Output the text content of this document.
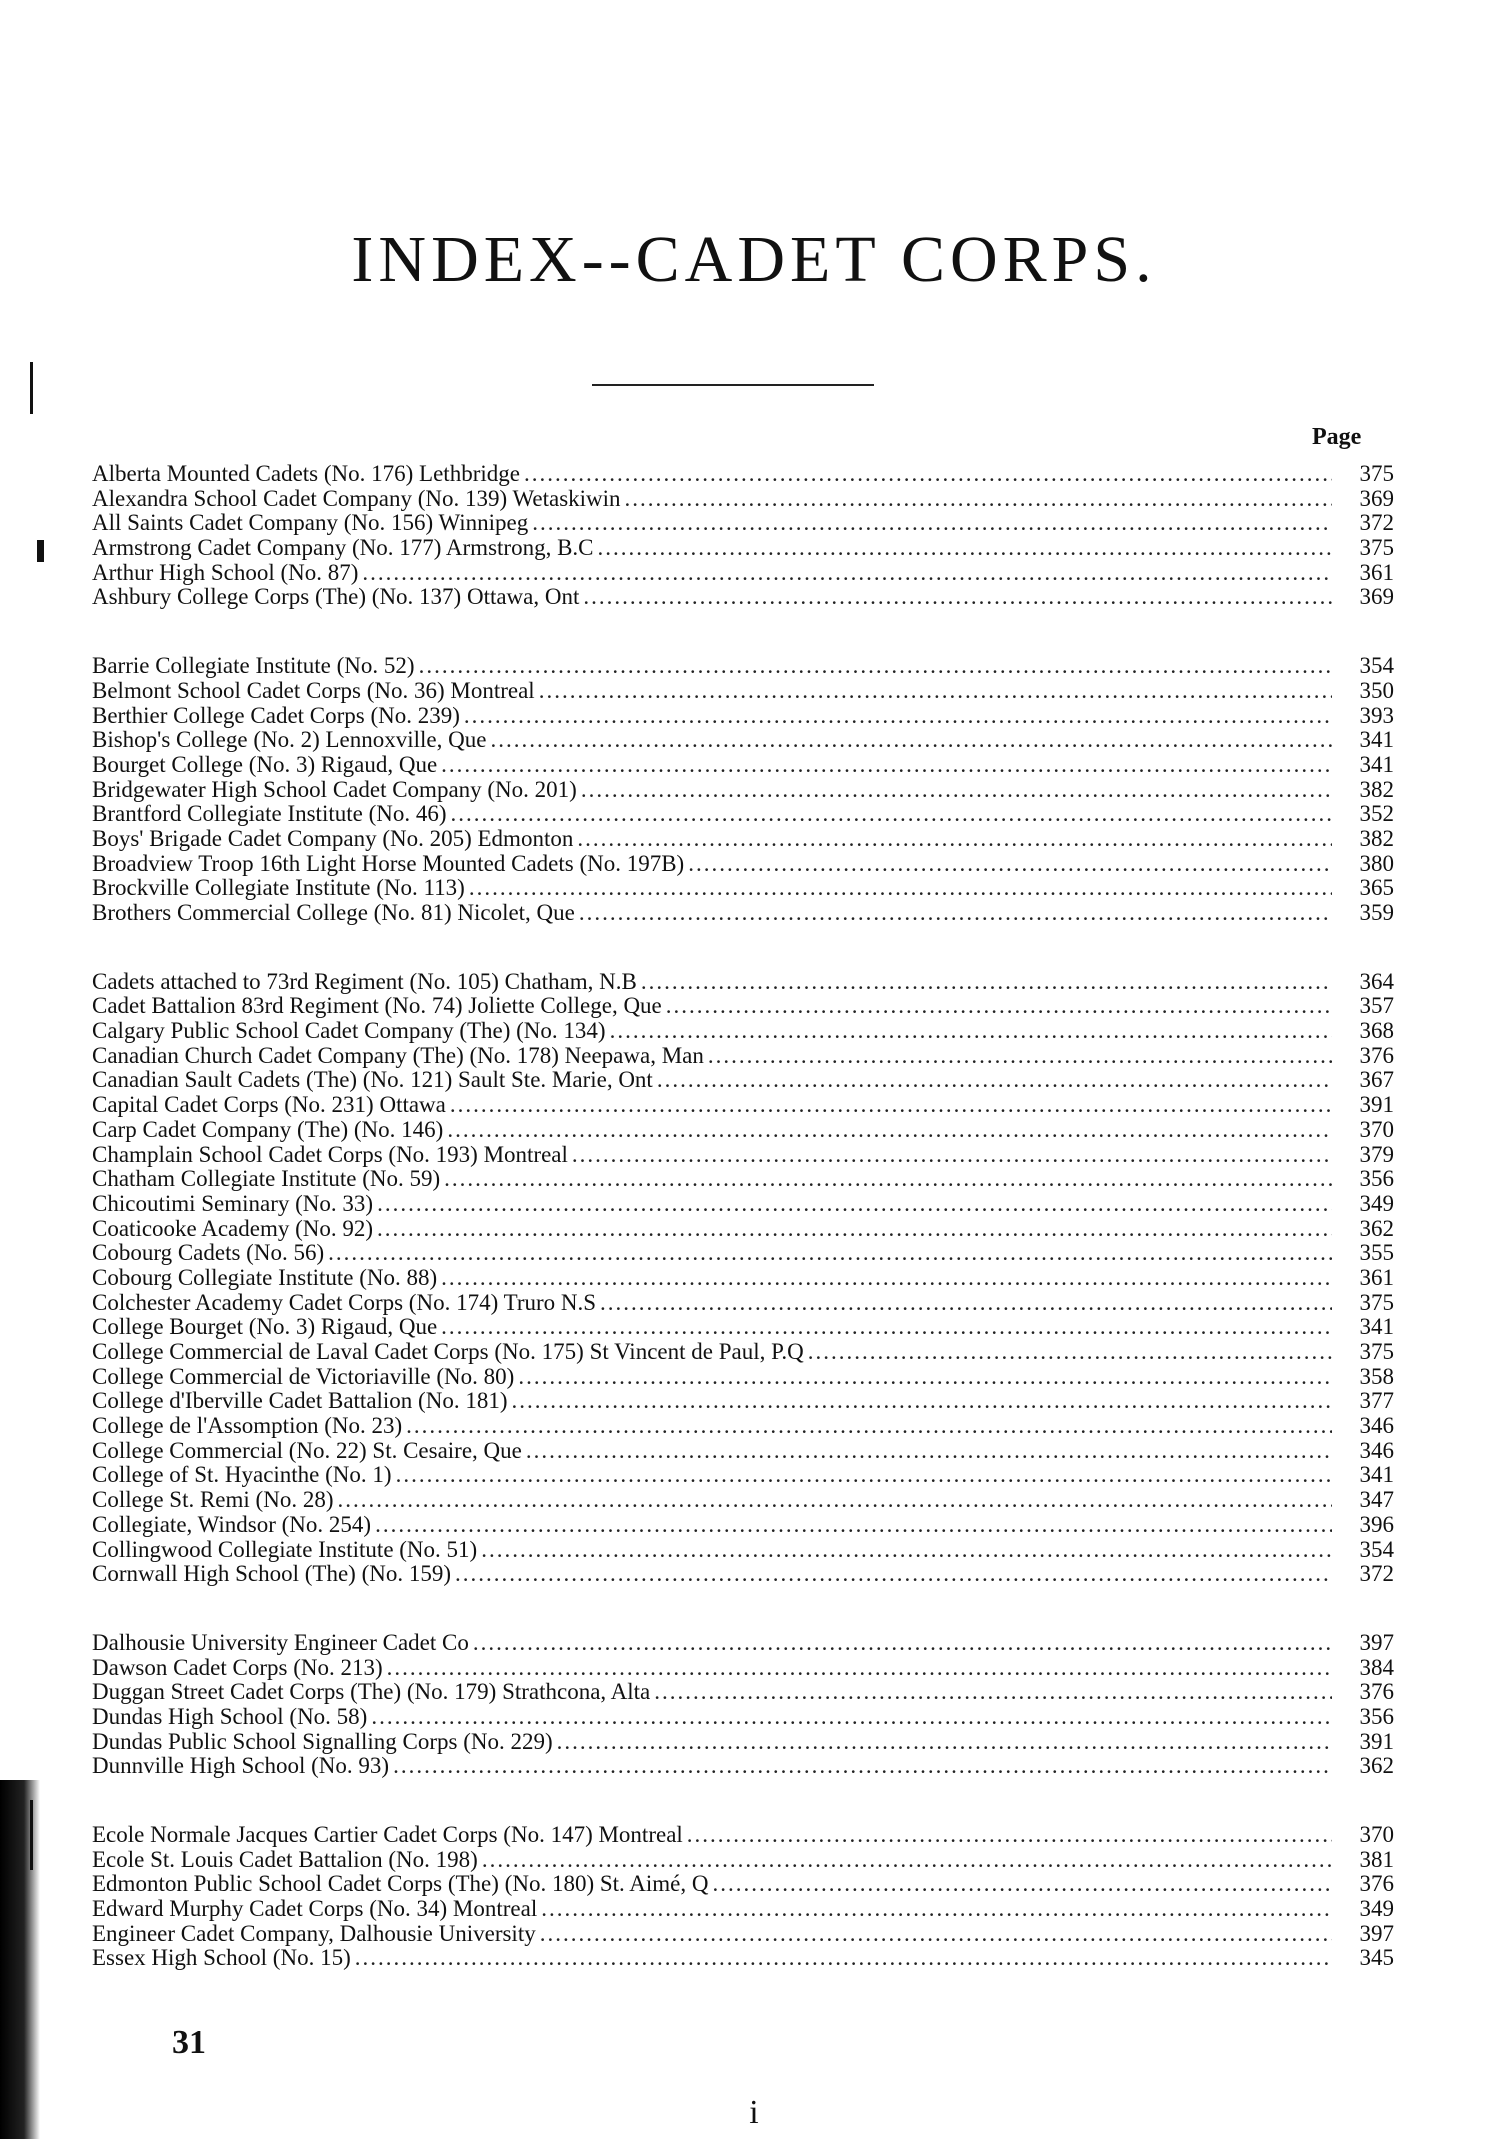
INDEX--CADET CORPS.
Page
Alberta Mounted Cadets (No. 176) Lethbridge .....	375
Alexandra School Cadet Company (No. 139) Wetaskiwin .....	369
All Saints Cadet Company (No. 156) Winnipeg .....	372
Armstrong Cadet Company (No. 177) Armstrong, B.C .....	375
Arthur High School (No. 87) .....	361
Ashbury College Corps (The) (No. 137) Ottawa, Ont .....	369
Barrie Collegiate Institute (No. 52) .....	354
Belmont School Cadet Corps (No. 36) Montreal .....	350
Berthier College Cadet Corps (No. 239) .....	393
Bishop's College (No. 2) Lennoxville, Que .....	341
Bourget College (No. 3) Rigaud, Que .....	341
Bridgewater High School Cadet Company (No. 201) .....	382
Brantford Collegiate Institute (No. 46) .....	352
Boys' Brigade Cadet Company (No. 205) Edmonton .....	382
Broadview Troop 16th Light Horse Mounted Cadets (No. 197B) .....	380
Brockville Collegiate Institute (No. 113) .....	365
Brothers Commercial College (No. 81) Nicolet, Que .....	359
Cadets attached to 73rd Regiment (No. 105) Chatham, N.B .....	364
Cadet Battalion 83rd Regiment (No. 74) Joliette College, Que .....	357
Calgary Public School Cadet Company (The) (No. 134) .....	368
Canadian Church Cadet Company (The) (No. 178) Neepawa, Man .....	376
Canadian Sault Cadets (The) (No. 121) Sault Ste. Marie, Ont .....	367
Capital Cadet Corps (No. 231) Ottawa .....	391
Carp Cadet Company (The) (No. 146) .....	370
Champlain School Cadet Corps (No. 193) Montreal .....	379
Chatham Collegiate Institute (No. 59) .....	356
Chicoutimi Seminary (No. 33) .....	349
Coaticooke Academy (No. 92) .....	362
Cobourg Cadets (No. 56) .....	355
Cobourg Collegiate Institute (No. 88) .....	361
Colchester Academy Cadet Corps (No. 174) Truro N.S .....	375
College Bourget (No. 3) Rigaud, Que .....	341
College Commercial de Laval Cadet Corps (No. 175) St Vincent de Paul, P.Q .....	375
College Commercial de Victoriaville (No. 80) .....	358
College d'Iberville Cadet Battalion (No. 181) .....	377
College de l'Assomption (No. 23) .....	346
College Commercial (No. 22) St. Cesaire, Que .....	346
College of St. Hyacinthe (No. 1) .....	341
College St. Remi (No. 28) .....	347
Collegiate, Windsor (No. 254) .....	396
Collingwood Collegiate Institute (No. 51) .....	354
Cornwall High School (The) (No. 159) .....	372
Dalhousie University Engineer Cadet Co .....	397
Dawson Cadet Corps (No. 213) .....	384
Duggan Street Cadet Corps (The) (No. 179) Strathcona, Alta .....	376
Dundas High School (No. 58) .....	356
Dundas Public School Signalling Corps (No. 229) .....	391
Dunnville High School (No. 93) .....	362
Ecole Normale Jacques Cartier Cadet Corps (No. 147) Montreal .....	370
Ecole St. Louis Cadet Battalion (No. 198) .....	381
Edmonton Public School Cadet Corps (The) (No. 180) St. Aimé, Q .....	376
Edward Murphy Cadet Corps (No. 34) Montreal .....	349
Engineer Cadet Company, Dalhousie University .....	397
Essex High School (No. 15) .....	345
31
i
